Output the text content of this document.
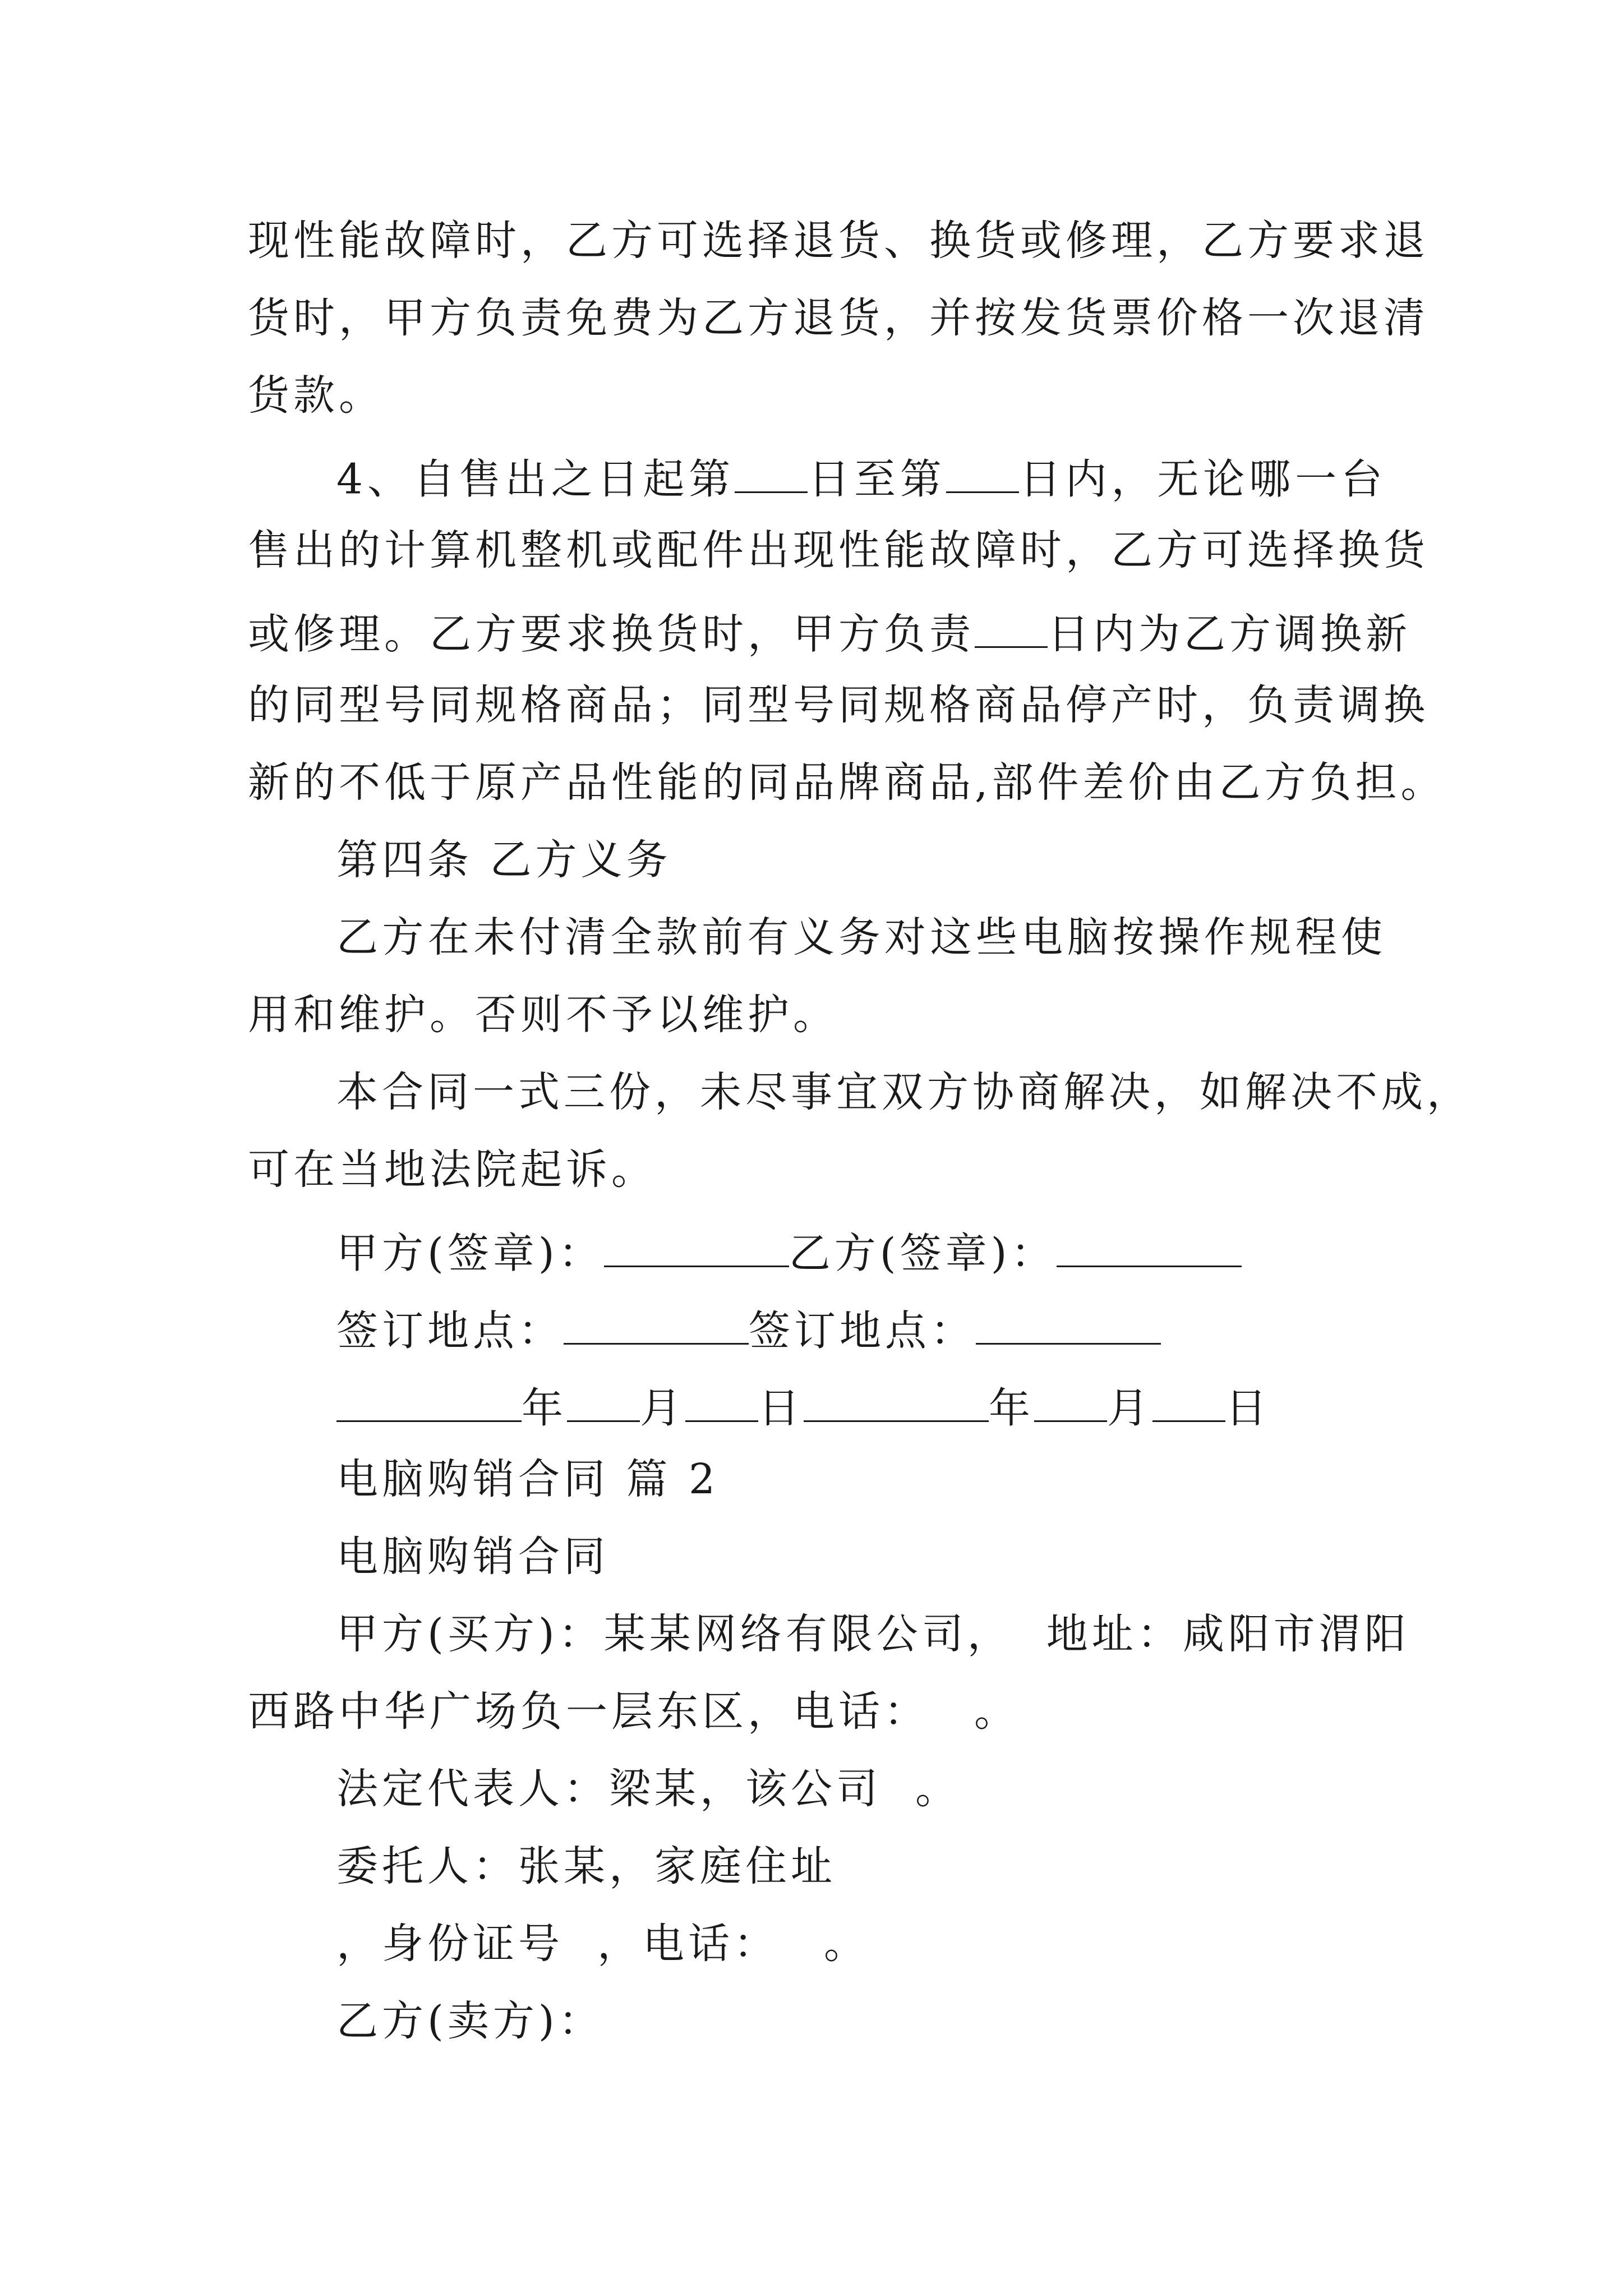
现性能故障时，乙方可选择退货、换货或修理，乙方要求退
货时，甲方负责免费为乙方退货，并按发货票价格一次退清
货款。
4、自售出之日起第 日至第 日内，无论哪一台
售出的计算机整机或配件出现性能故障时，乙方可选择换货
或修理。乙方要求换货时，甲方负责 日内为乙方调换新
的同型号同规格商品；同型号同规格商品停产时，负责调换
新的不低于原产品性能的同品牌商品,部件差价由乙方负担。
第四条 乙方义务
乙方在未付清全款前有义务对这些电脑按操作规程使
用和维护。否则不予以维护。
本合同一式三份，未尽事宜双方协商解决，如解决不成，
可在当地法院起诉。
甲方(签章)：	乙方(签章)：
签订地点：	签订地点：
年 月 日	年 月 日
电脑购销合同 篇 2
电脑购销合同
甲方(买方)：某某网络有限公司， 地址：咸阳市渭阳
西路中华广场负一层东区，电话： 。
法定代表人：梁某，该公司 。
委托人：张某，家庭住址
，身份证号 ，电话： 。
乙方(卖方)：
